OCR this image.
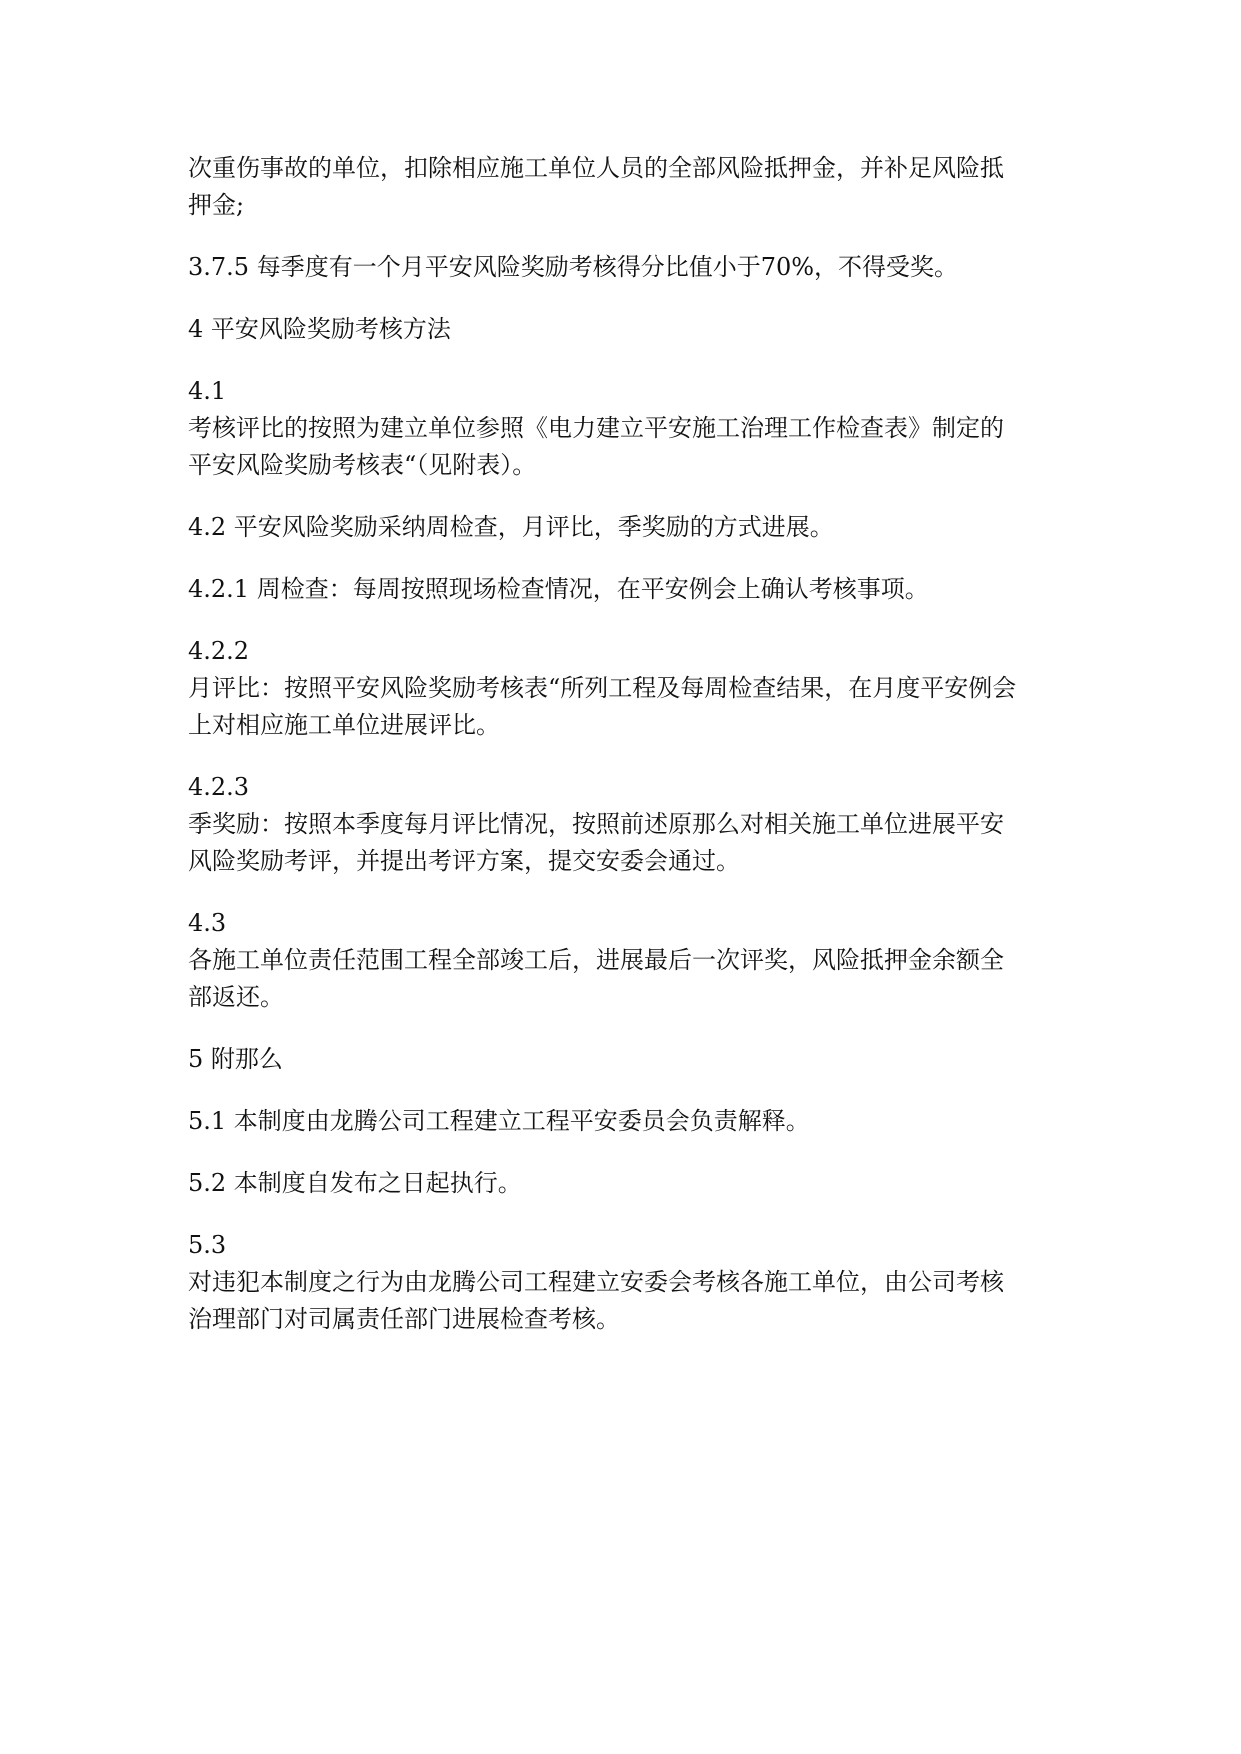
次重伤事故的单位，扣除相应施工单位人员的全部风险抵押金，并补足风险抵
押金;

3.7.5 每季度有一个月平安风险奖励考核得分比值小于70%，不得受奖。

4 平安风险奖励考核方法

4.1
考核评比的按照为建立单位参照《电力建立平安施工治理工作检查表》制定的
平安风险奖励考核表“（见附表）。

4.2 平安风险奖励采纳周检查，月评比，季奖励的方式进展。

4.2.1 周检查：每周按照现场检查情况，在平安例会上确认考核事项。

4.2.2
月评比：按照平安风险奖励考核表“所列工程及每周检查结果，在月度平安例会
上对相应施工单位进展评比。

4.2.3
季奖励：按照本季度每月评比情况，按照前述原那么对相关施工单位进展平安
风险奖励考评，并提出考评方案，提交安委会通过。

4.3
各施工单位责任范围工程全部竣工后，进展最后一次评奖，风险抵押金余额全
部返还。

5 附那么

5.1 本制度由龙腾公司工程建立工程平安委员会负责解释。

5.2 本制度自发布之日起执行。

5.3
对违犯本制度之行为由龙腾公司工程建立安委会考核各施工单位，由公司考核
治理部门对司属责任部门进展检查考核。
